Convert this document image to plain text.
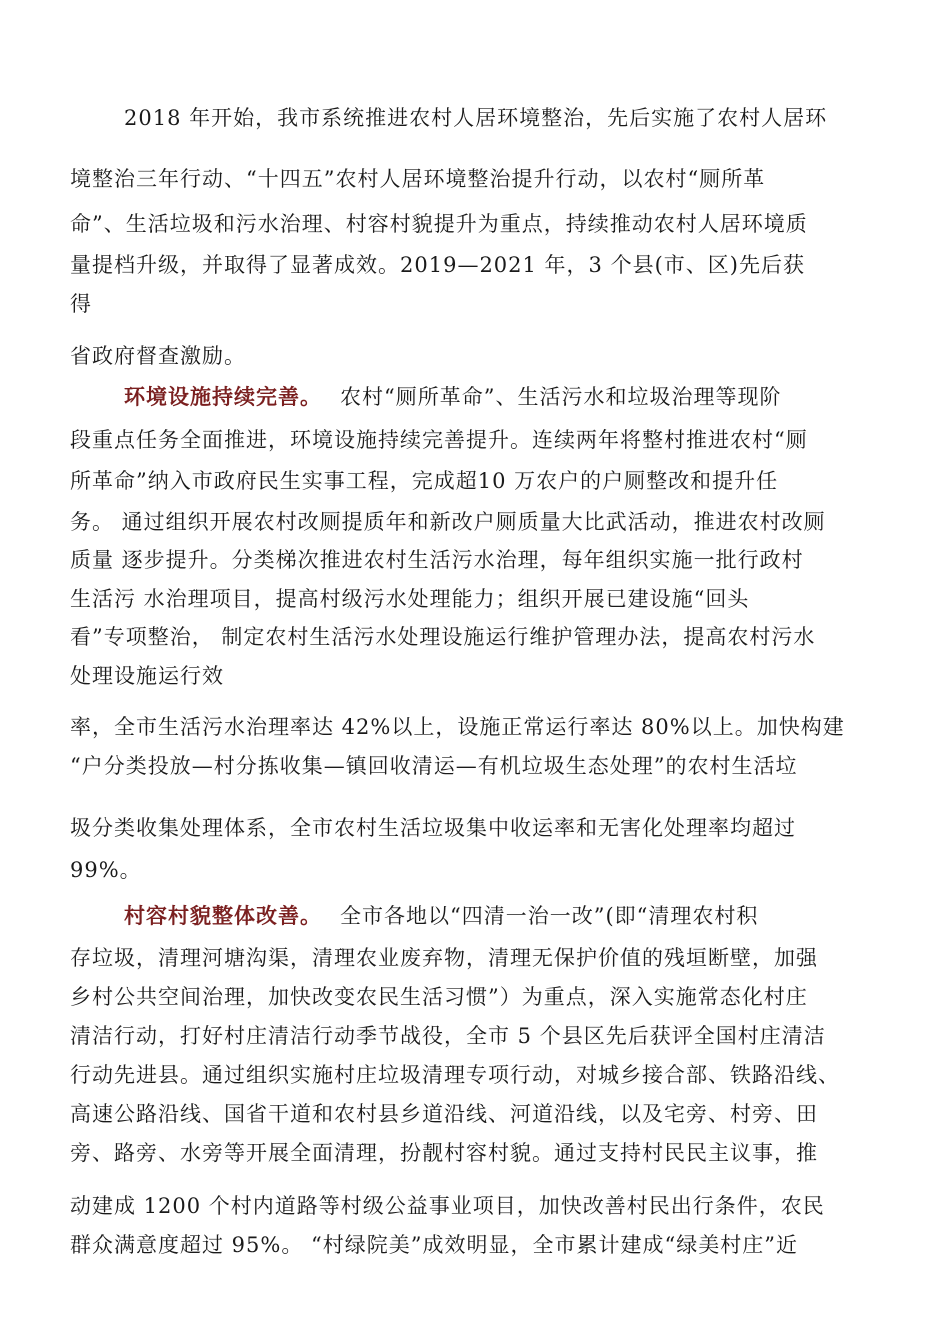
2018 年开始，我市系统推进农村人居环境整治，先后实施了农村人居环
境整治三年行动、“十四五”农村人居环境整治提升行动，以农村“厕所革
命”、生活垃圾和污水治理、村容村貌提升为重点，持续推动农村人居环境质
量提档升级，并取得了显著成效。2019—2021 年，3 个县(市、区)先后获
得
省政府督查激励。
环境设施持续完善。 农村“厕所革命”、生活污水和垃圾治理等现阶
段重点任务全面推进，环境设施持续完善提升。连续两年将整村推进农村“厕
所革命”纳入市政府民生实事工程，完成超10 万农户的户厕整改和提升任
务。 通过组织开展农村改厕提质年和新改户厕质量大比武活动，推进农村改厕
质量 逐步提升。分类梯次推进农村生活污水治理，每年组织实施一批行政村
生活污 水治理项目，提高村级污水处理能力；组织开展已建设施“回头
看”专项整治， 制定农村生活污水处理设施运行维护管理办法，提高农村污水
处理设施运行效
率，全市生活污水治理率达 42%以上，设施正常运行率达 80%以上。加快构建
“户分类投放—村分拣收集—镇回收清运—有机垃圾生态处理”的农村生活垃
圾分类收集处理体系，全市农村生活垃圾集中收运率和无害化处理率均超过
99%。
村容村貌整体改善。 全市各地以“四清一治一改”(即“清理农村积
存垃圾，清理河塘沟渠，清理农业废弃物，清理无保护价值的残垣断壁，加强
乡村公共空间治理，加快改变农民生活习惯”）为重点，深入实施常态化村庄
清洁行动，打好村庄清洁行动季节战役，全市 5 个县区先后获评全国村庄清洁
行动先进县。通过组织实施村庄垃圾清理专项行动，对城乡接合部、铁路沿线、
高速公路沿线、国省干道和农村县乡道沿线、河道沿线，以及宅旁、村旁、田
旁、路旁、水旁等开展全面清理，扮靓村容村貌。通过支持村民民主议事，推
动建成 1200 个村内道路等村级公益事业项目，加快改善村民出行条件，农民
群众满意度超过 95%。 “村绿院美”成效明显，全市累计建成“绿美村庄”近
